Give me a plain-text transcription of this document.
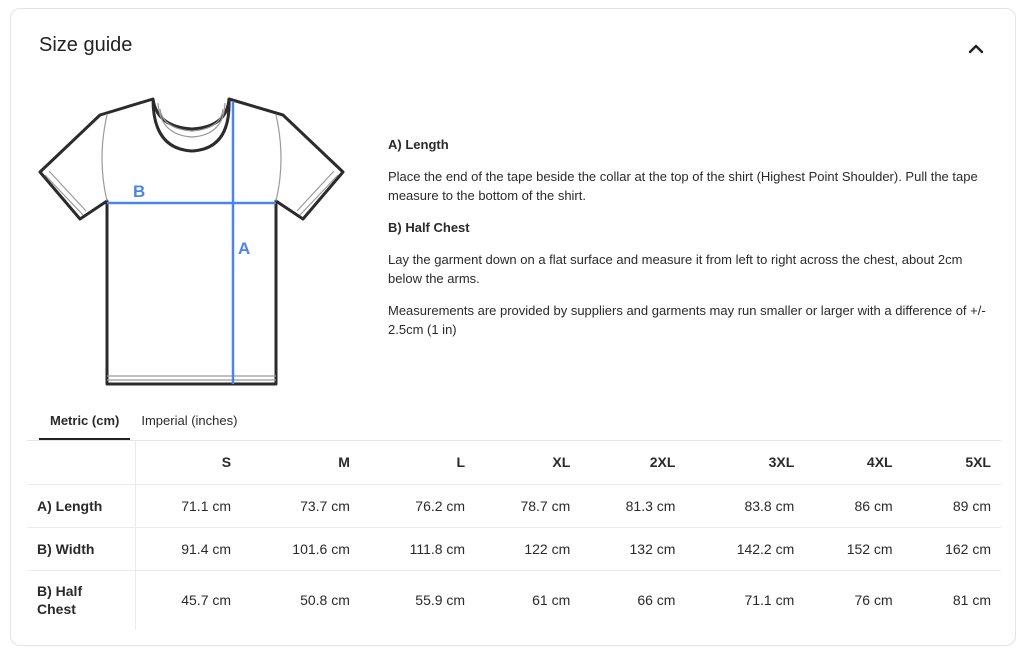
Size guide
B
A
A) Length

Place the end of the tape beside the collar at the top of the shirt (Highest Point Shoulder). Pull the tape measure to the bottom of the shirt.

B) Half Chest

Lay the garment down on a flat surface and measure it from left to right across the chest, about 2cm below the arms.

Measurements are provided by suppliers and garments may run smaller or larger with a difference of +/- 2.5cm (1 in)

Metric (cm)	Imperial (inches)
	S	M	L	XL	2XL	3XL	4XL	5XL
A) Length	71.1 cm	73.7 cm	76.2 cm	78.7 cm	81.3 cm	83.8 cm	86 cm	89 cm
B) Width	91.4 cm	101.6 cm	111.8 cm	122 cm	132 cm	142.2 cm	152 cm	162 cm

B) Half
Chest	45.7 cm	50.8 cm	55.9 cm	61 cm	66 cm	71.1 cm	76 cm	81 cm
